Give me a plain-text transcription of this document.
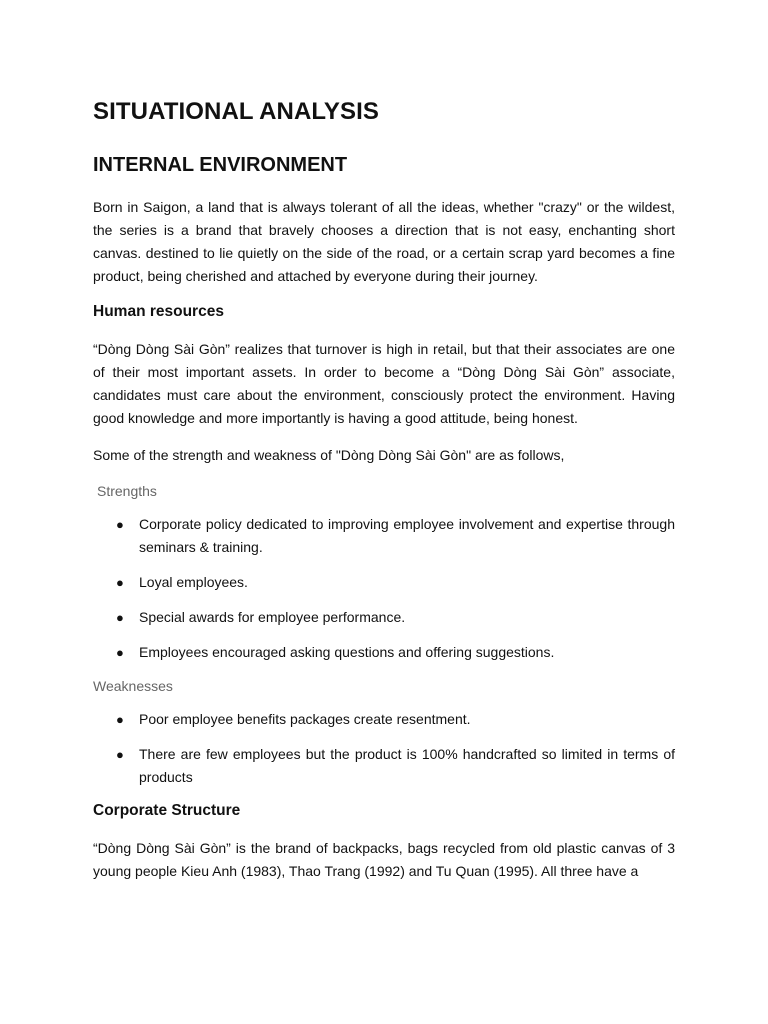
SITUATIONAL ANALYSIS
INTERNAL ENVIRONMENT

Born in Saigon, a land that is always tolerant of all the ideas, whether "crazy" or the wildest, the series is a brand that bravely chooses a direction that is not easy, enchanting short canvas. destined to lie quietly on the side of the road, or a certain scrap yard becomes a fine product, being cherished and attached by everyone during their journey.

Human resources

“Dòng Dòng Sài Gòn” realizes that turnover is high in retail, but that their associates are one of their most important assets. In order to become a “Dòng Dòng Sài Gòn” associate, candidates must care about the environment, consciously protect the environment. Having good knowledge and more importantly is having a good attitude, being honest.

Some of the strength and weakness of "Dòng Dòng Sài Gòn" are as follows,

Strengths
● Corporate policy dedicated to improving employee involvement and expertise through seminars & training.
● Loyal employees.
● Special awards for employee performance.
● Employees encouraged asking questions and offering suggestions.
Weaknesses
● Poor employee benefits packages create resentment.
● There are few employees but the product is 100% handcrafted so limited in terms of products
Corporate Structure

“Dòng Dòng Sài Gòn” is the brand of backpacks, bags recycled from old plastic canvas of 3 young people Kieu Anh (1983), Thao Trang (1992) and Tu Quan (1995). All three have a
